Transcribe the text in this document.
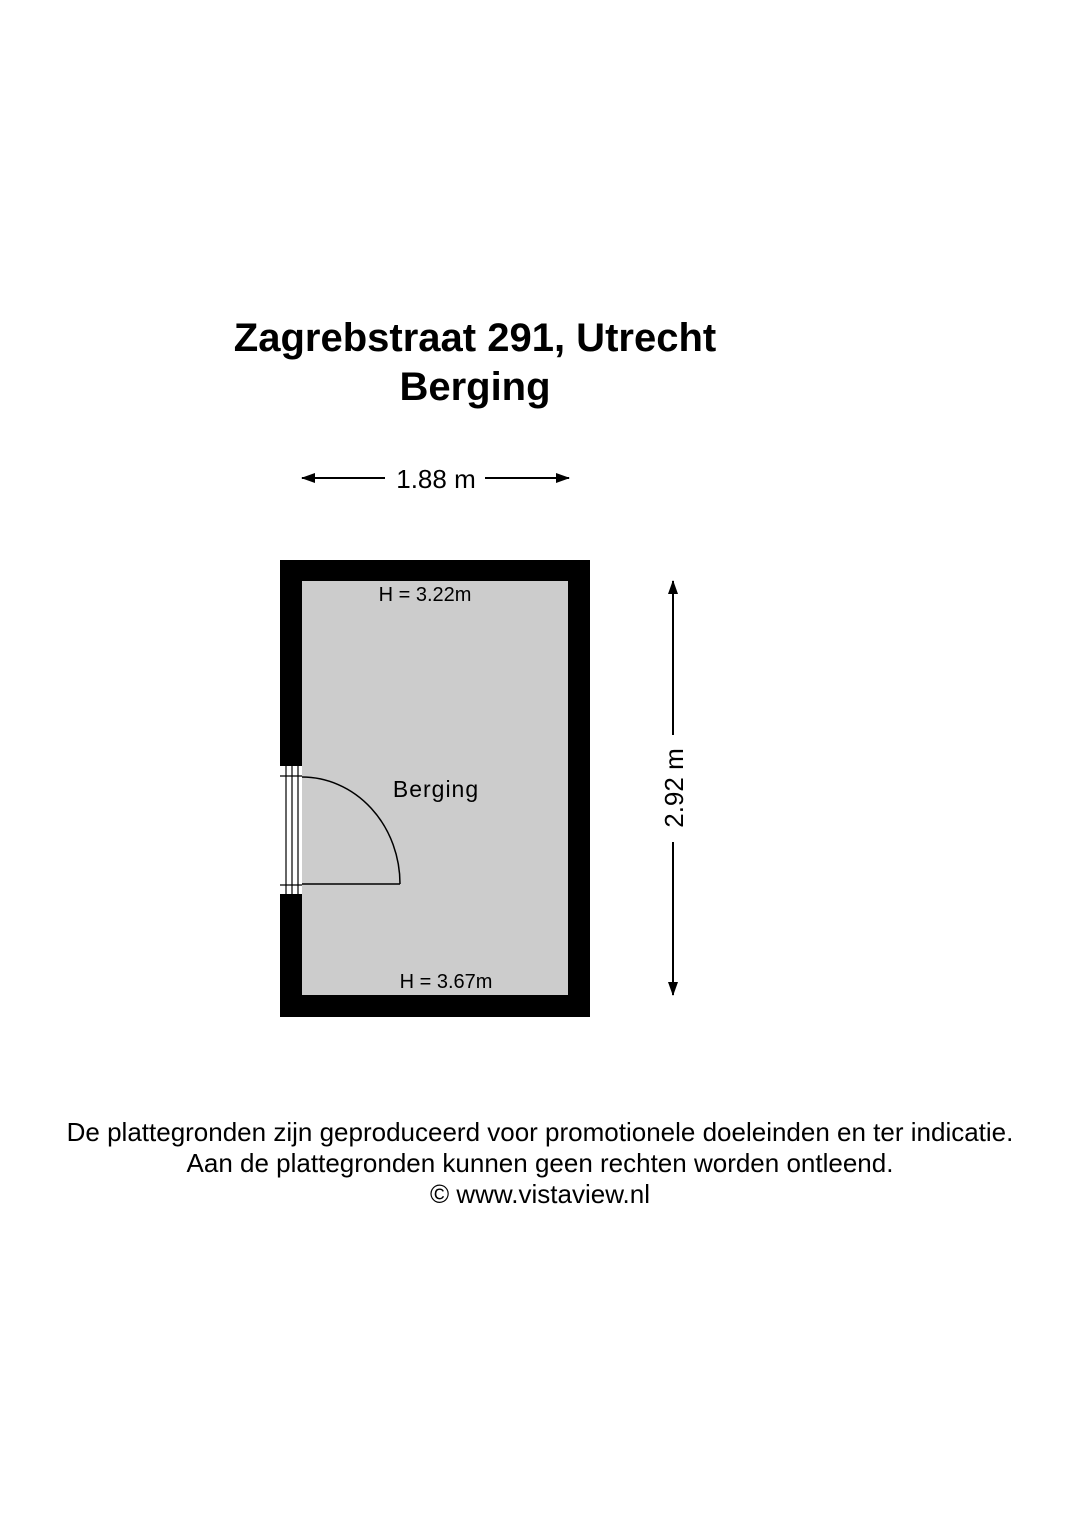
Zagrebstraat 291, Utrecht
Berging
1.88 m
H = 3.22m
Berging
H = 3.67m
2.92 m
De plattegronden zijn geproduceerd voor promotionele doeleinden en ter indicatie.
Aan de plattegronden kunnen geen rechten worden ontleend.
© www.vistaview.nl
